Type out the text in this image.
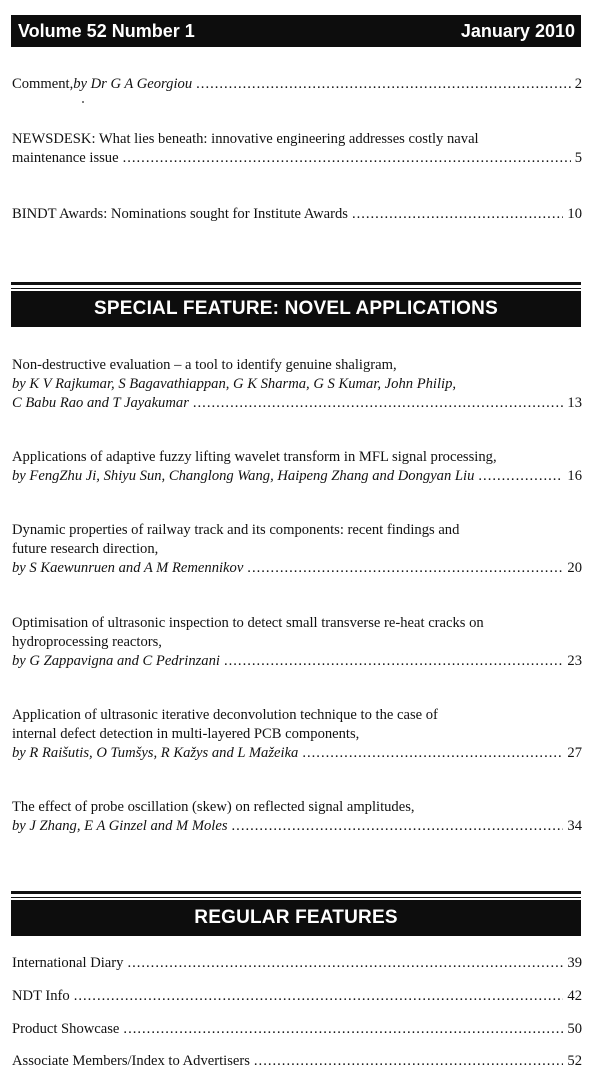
Volume 52 Number 1	January 2010
Comment, by Dr G A Georgiou .....	2
NEWSDESK: What lies beneath: innovative engineering addresses costly naval
maintenance issue .....	5
BINDT Awards: Nominations sought for Institute Awards .....	10
SPECIAL FEATURE: NOVEL APPLICATIONS
Non-destructive evaluation – a tool to identify genuine shaligram,
by K V Rajkumar, S Bagavathiappan, G K Sharma, G S Kumar, John Philip,
C Babu Rao and T Jayakumar .....	13
Applications of adaptive fuzzy lifting wavelet transform in MFL signal processing,
by FengZhu Ji, Shiyu Sun, Changlong Wang, Haipeng Zhang and Dongyan Liu .....	16
Dynamic properties of railway track and its components: recent findings and
future research direction,
by S Kaewunruen and A M Remennikov .....	20
Optimisation of ultrasonic inspection to detect small transverse re-heat cracks on
hydroprocessing reactors,
by G Zappavigna and C Pedrinzani .....	23
Application of ultrasonic iterative deconvolution technique to the case of
internal defect detection in multi-layered PCB components,
by R Raišutis, O Tumšys, R Kažys and L Mažeika .....	27
The effect of probe oscillation (skew) on reflected signal amplitudes,
by J Zhang, E A Ginzel and M Moles .....	34
REGULAR FEATURES
International Diary .....	39
NDT Info .....	42
Product Showcase .....	50
Associate Members/Index to Advertisers .....	52
